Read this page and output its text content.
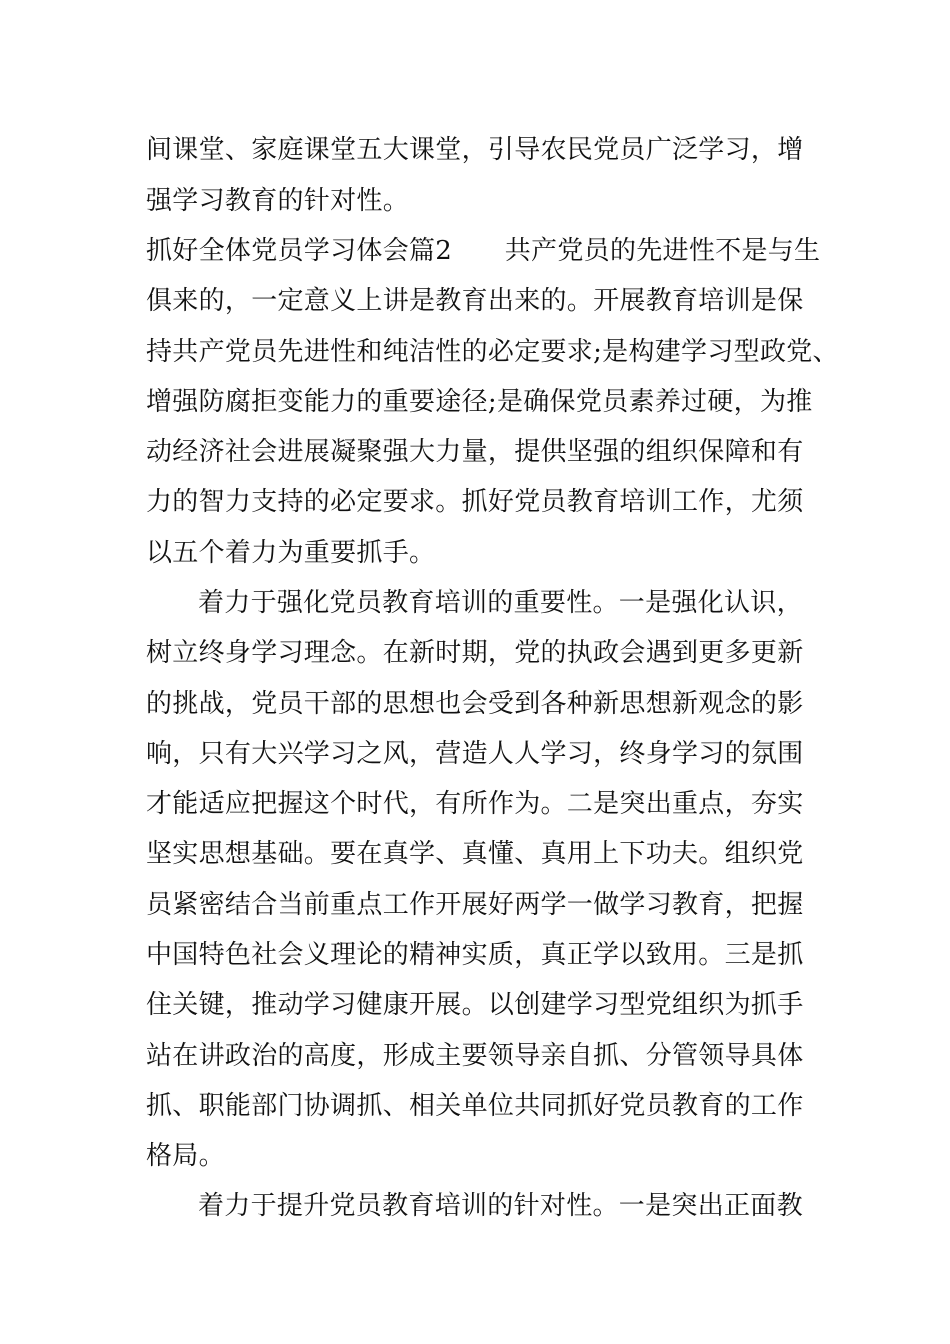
间课堂、家庭课堂五大课堂，引导农民党员广泛学习，增
强学习教育的针对性。
抓好全体党员学习体会篇2　　共产党员的先进性不是与生
俱来的，一定意义上讲是教育出来的。开展教育培训是保
持共产党员先进性和纯洁性的必定要求;是构建学习型政党、
增强防腐拒变能力的重要途径;是确保党员素养过硬，为推
动经济社会进展凝聚强大力量，提供坚强的组织保障和有
力的智力支持的必定要求。抓好党员教育培训工作，尤须
以五个着力为重要抓手。
着力于强化党员教育培训的重要性。一是强化认识，
树立终身学习理念。在新时期，党的执政会遇到更多更新
的挑战，党员干部的思想也会受到各种新思想新观念的影
响，只有大兴学习之风，营造人人学习，终身学习的氛围
才能适应把握这个时代，有所作为。二是突出重点，夯实
坚实思想基础。要在真学、真懂、真用上下功夫。组织党
员紧密结合当前重点工作开展好两学一做学习教育，把握
中国特色社会义理论的精神实质，真正学以致用。三是抓
住关键，推动学习健康开展。以创建学习型党组织为抓手
站在讲政治的高度，形成主要领导亲自抓、分管领导具体
抓、职能部门协调抓、相关单位共同抓好党员教育的工作
格局。
着力于提升党员教育培训的针对性。一是突出正面教
